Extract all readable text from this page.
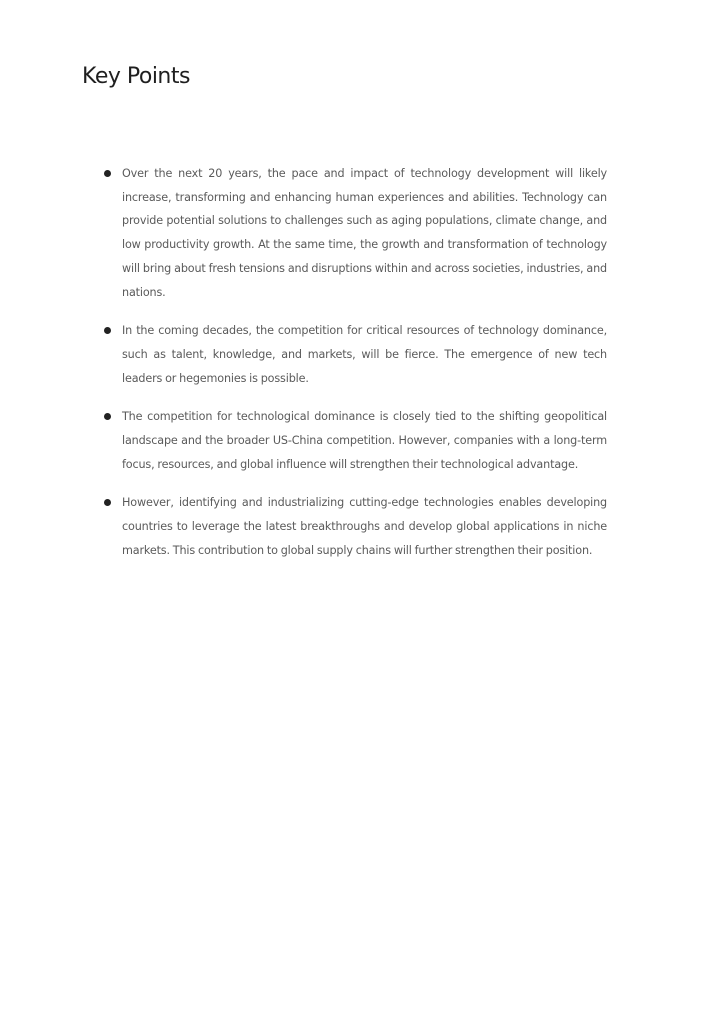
Key Points
Over the next 20 years, the pace and impact of technology development will likely increase, transforming and enhancing human experiences and abilities. Technology can provide potential solutions to challenges such as aging populations, climate change, and low productivity growth. At the same time, the growth and transformation of technology will bring about fresh tensions and disruptions within and across societies, industries, and nations.
In the coming decades, the competition for critical resources of technology dominance, such as talent, knowledge, and markets, will be fierce. The emergence of new tech leaders or hegemonies is possible.
The competition for technological dominance is closely tied to the shifting geopolitical landscape and the broader US-China competition. However, companies with a long-term focus, resources, and global influence will strengthen their technological advantage.
However, identifying and industrializing cutting-edge technologies enables developing countries to leverage the latest breakthroughs and develop global applications in niche markets. This contribution to global supply chains will further strengthen their position.
